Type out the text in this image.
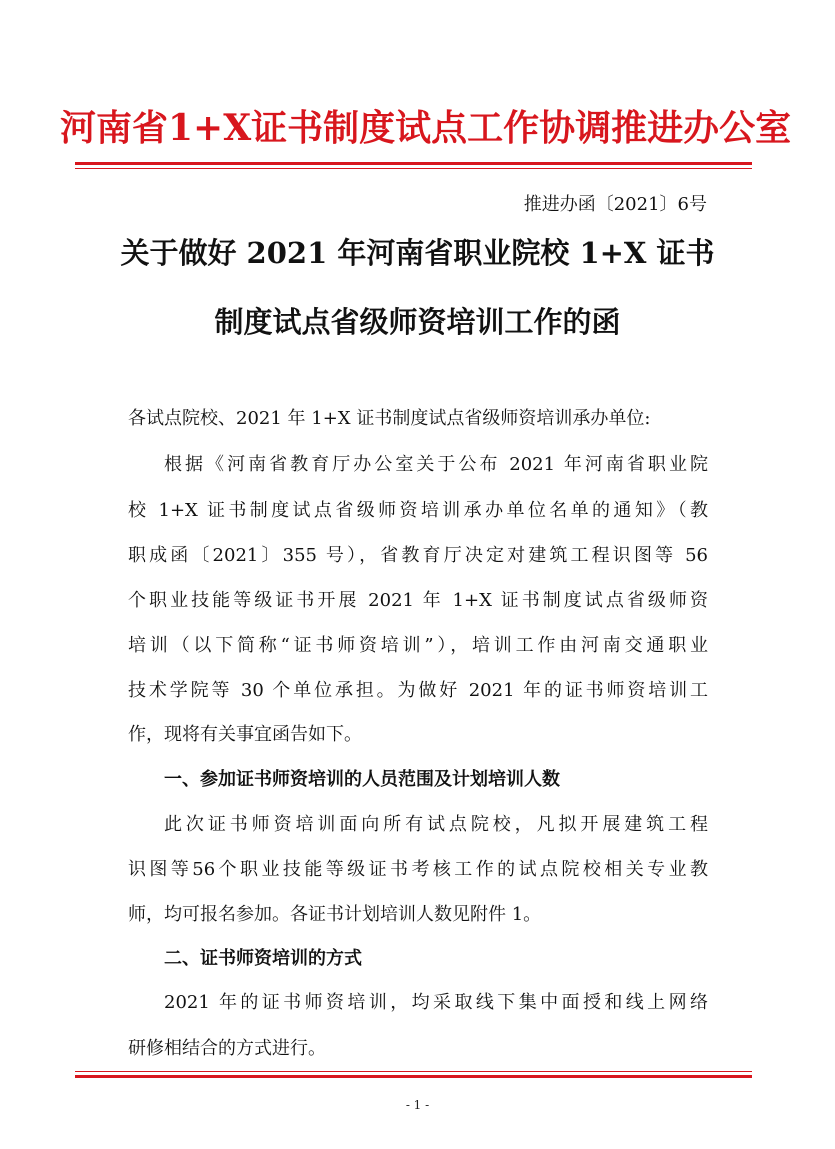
河南省1+X证书制度试点工作协调推进办公室
推进办函〔2021〕6号
关于做好 2021 年河南省职业院校 1+X 证书
制度试点省级师资培训工作的函
各试点院校、2021 年 1+X 证书制度试点省级师资培训承办单位:
根据《河南省教育厅办公室关于公布 2021 年河南省职业院
校 1+X 证书制度试点省级师资培训承办单位名单的通知》（教
职成函〔2021〕355 号），省教育厅决定对建筑工程识图等 56
个职业技能等级证书开展 2021 年 1+X 证书制度试点省级师资
培训（以下简称“证书师资培训”），培训工作由河南交通职业
技术学院等 30 个单位承担。为做好 2021 年的证书师资培训工
作，现将有关事宜函告如下。
一、参加证书师资培训的人员范围及计划培训人数
此次证书师资培训面向所有试点院校，凡拟开展建筑工程
识图等56个职业技能等级证书考核工作的试点院校相关专业教
师，均可报名参加。各证书计划培训人数见附件 1。
二、证书师资培训的方式
2021 年的证书师资培训，均采取线下集中面授和线上网络
研修相结合的方式进行。
- 1 -
